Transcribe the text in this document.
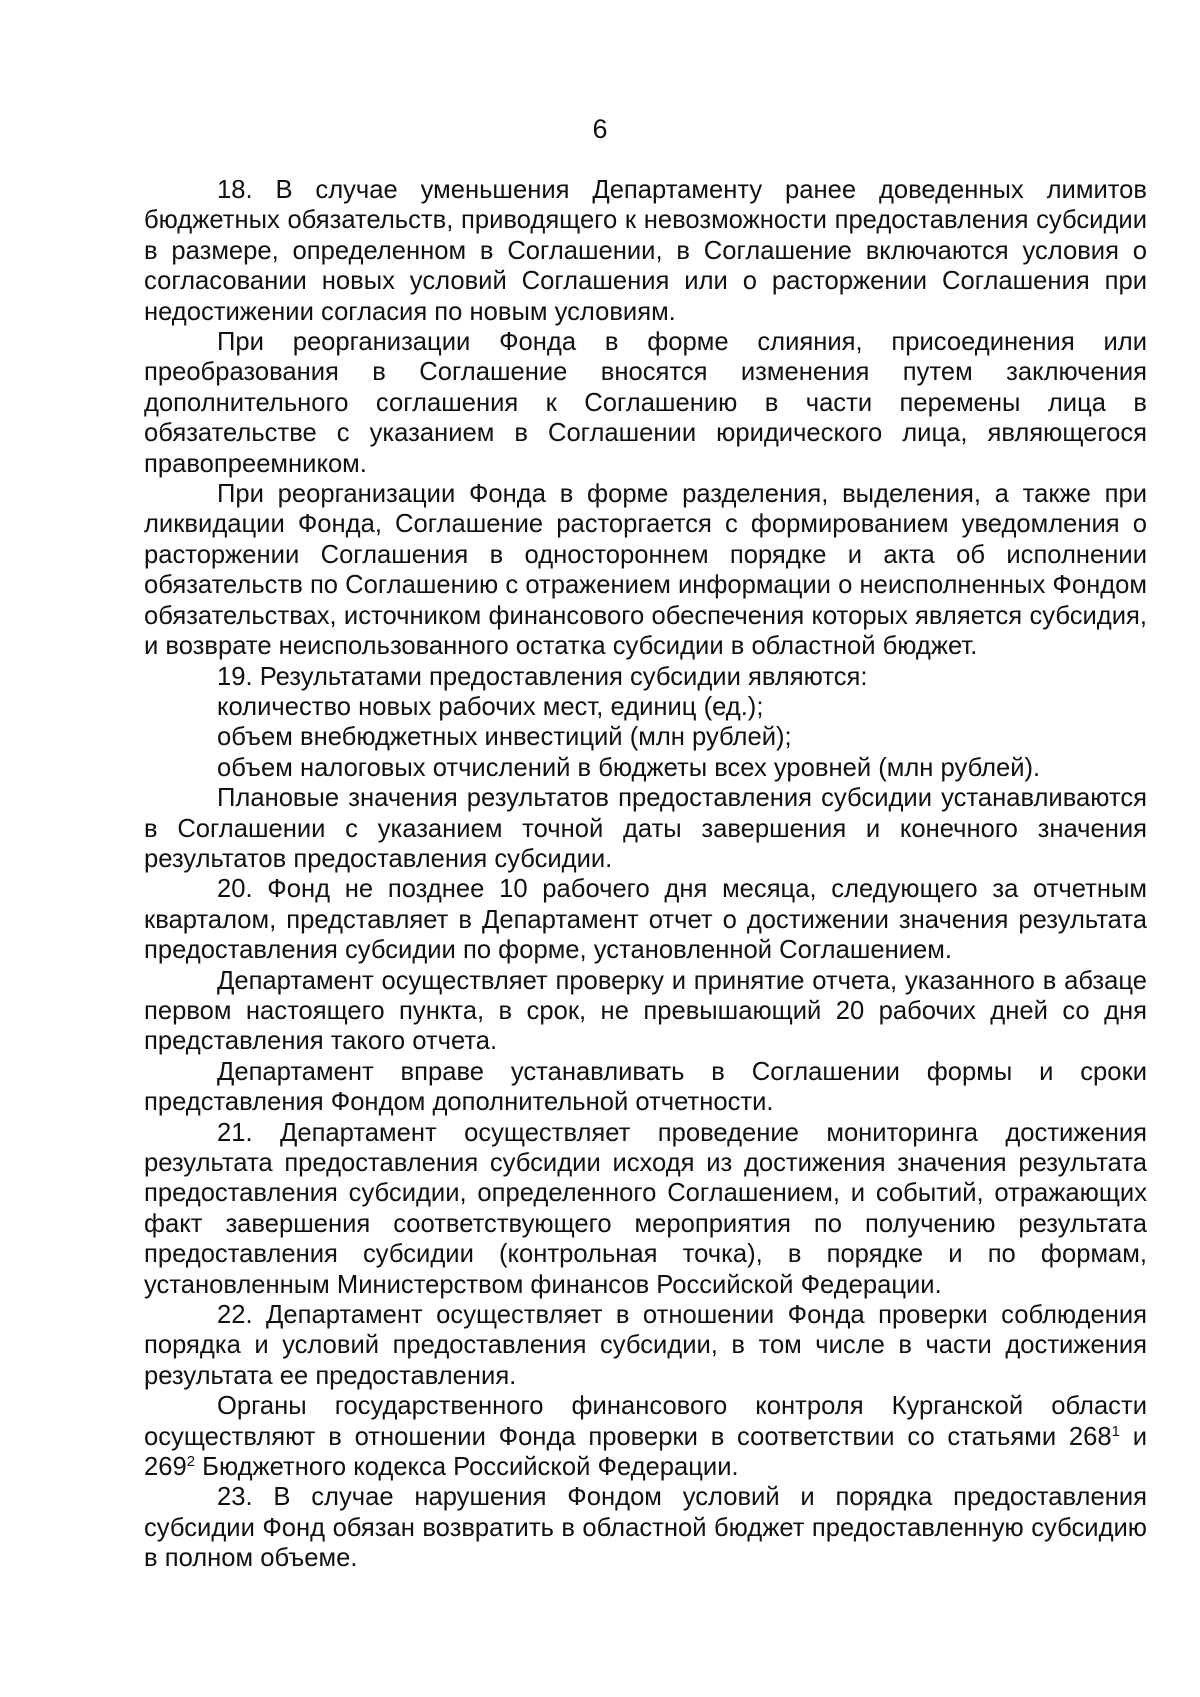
6

18. В случае уменьшения Департаменту ранее доведенных лимитов бюджетных обязательств, приводящего к невозможности предоставления субсидии в размере, определенном в Соглашении, в Соглашение включаются условия о согласовании новых условий Соглашения или о расторжении Соглашения при недостижении согласия по новым условиям.

При реорганизации Фонда в форме слияния, присоединения или преобразования в Соглашение вносятся изменения путем заключения дополнительного соглашения к Соглашению в части перемены лица в обязательстве с указанием в Соглашении юридического лица, являющегося правопреемником.

При реорганизации Фонда в форме разделения, выделения, а также при ликвидации Фонда, Соглашение расторгается с формированием уведомления о расторжении Соглашения в одностороннем порядке и акта об исполнении обязательств по Соглашению с отражением информации о неисполненных Фондом обязательствах, источником финансового обеспечения которых является субсидия, и возврате неиспользованного остатка субсидии в областной бюджет.

19. Результатами предоставления субсидии являются:

количество новых рабочих мест, единиц (ед.);

объем внебюджетных инвестиций (млн рублей);

объем налоговых отчислений в бюджеты всех уровней (млн рублей).

Плановые значения результатов предоставления субсидии устанавливаются в Соглашении с указанием точной даты завершения и конечного значения результатов предоставления субсидии.

20. Фонд не позднее 10 рабочего дня месяца, следующего за отчетным кварталом, представляет в Департамент отчет о достижении значения результата предоставления субсидии по форме, установленной Соглашением.

Департамент осуществляет проверку и принятие отчета, указанного в абзаце первом настоящего пункта, в срок, не превышающий 20 рабочих дней со дня представления такого отчета.

Департамент вправе устанавливать в Соглашении формы и сроки представления Фондом дополнительной отчетности.

21. Департамент осуществляет проведение мониторинга достижения результата предоставления субсидии исходя из достижения значения результата предоставления субсидии, определенного Соглашением, и событий, отражающих факт завершения соответствующего мероприятия по получению результата предоставления субсидии (контрольная точка), в порядке и по формам, установленным Министерством финансов Российской Федерации.

22. Департамент осуществляет в отношении Фонда проверки соблюдения порядка и условий предоставления субсидии, в том числе в части достижения результата ее предоставления.

Органы государственного финансового контроля Курганской области осуществляют в отношении Фонда проверки в соответствии со статьями $268^1$ и $269^2$ Бюджетного кодекса Российской Федерации.

23. В случае нарушения Фондом условий и порядка предоставления субсидии Фонд обязан возвратить в областной бюджет предоставленную субсидию в полном объеме.
